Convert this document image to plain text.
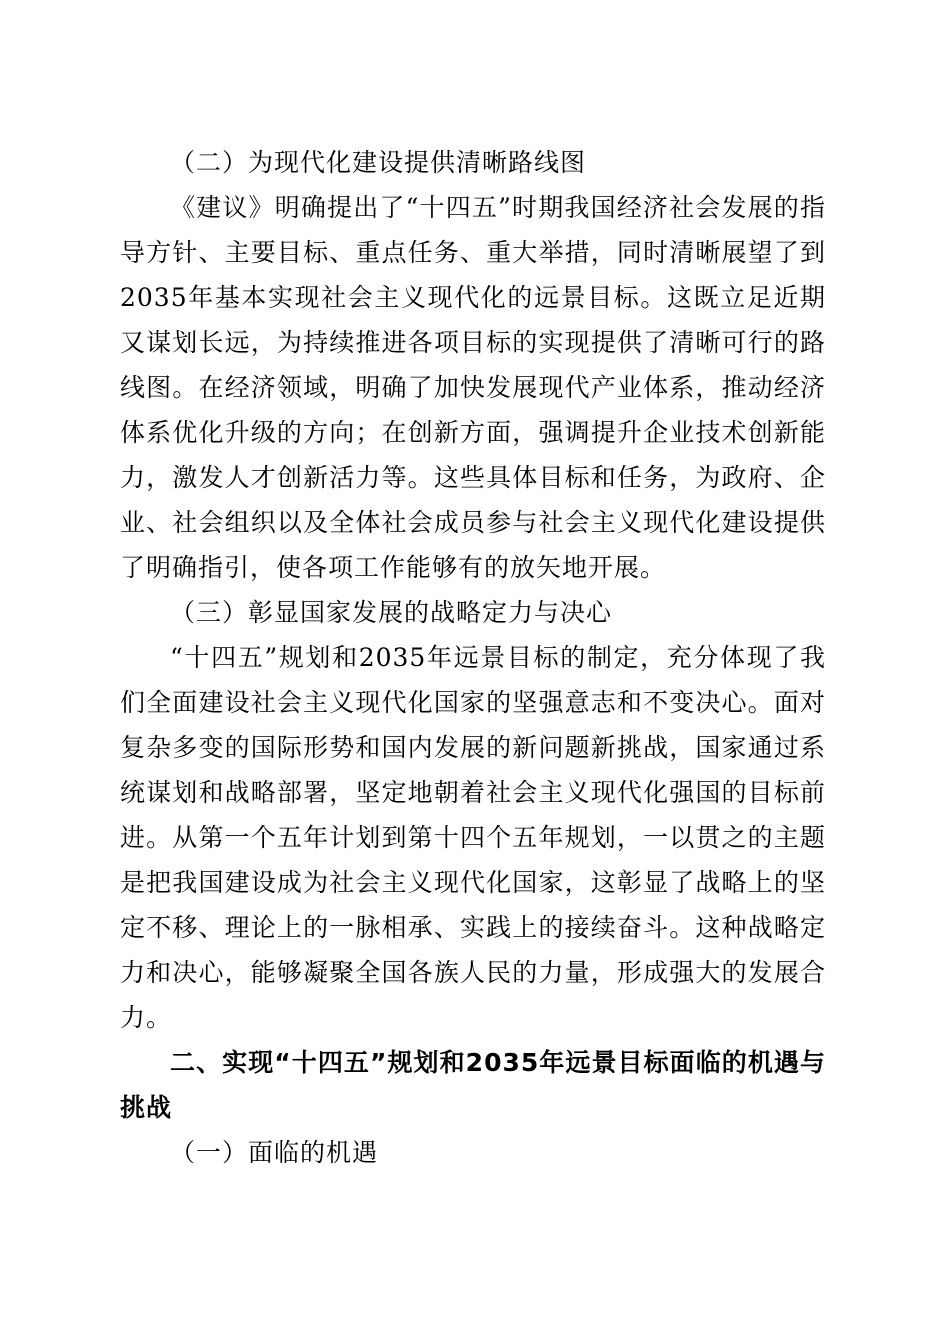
（二）为现代化建设提供清晰路线图

《建议》明确提出了“十四五”时期我国经济社会发展的指导方针、主要目标、重点任务、重大举措，同时清晰展望了到2035年基本实现社会主义现代化的远景目标。这既立足近期又谋划长远，为持续推进各项目标的实现提供了清晰可行的路线图。在经济领域，明确了加快发展现代产业体系，推动经济体系优化升级的方向；在创新方面，强调提升企业技术创新能力，激发人才创新活力等。这些具体目标和任务，为政府、企业、社会组织以及全体社会成员参与社会主义现代化建设提供了明确指引，使各项工作能够有的放矢地开展。

（三）彰显国家发展的战略定力与决心

“十四五”规划和2035年远景目标的制定，充分体现了我们全面建设社会主义现代化国家的坚强意志和不变决心。面对复杂多变的国际形势和国内发展的新问题新挑战，国家通过系统谋划和战略部署，坚定地朝着社会主义现代化强国的目标前进。从第一个五年计划到第十四个五年规划，一以贯之的主题是把我国建设成为社会主义现代化国家，这彰显了战略上的坚定不移、理论上的一脉相承、实践上的接续奋斗。这种战略定力和决心，能够凝聚全国各族人民的力量，形成强大的发展合力。

二、实现“十四五”规划和2035年远景目标面临的机遇与挑战

（一）面临的机遇
